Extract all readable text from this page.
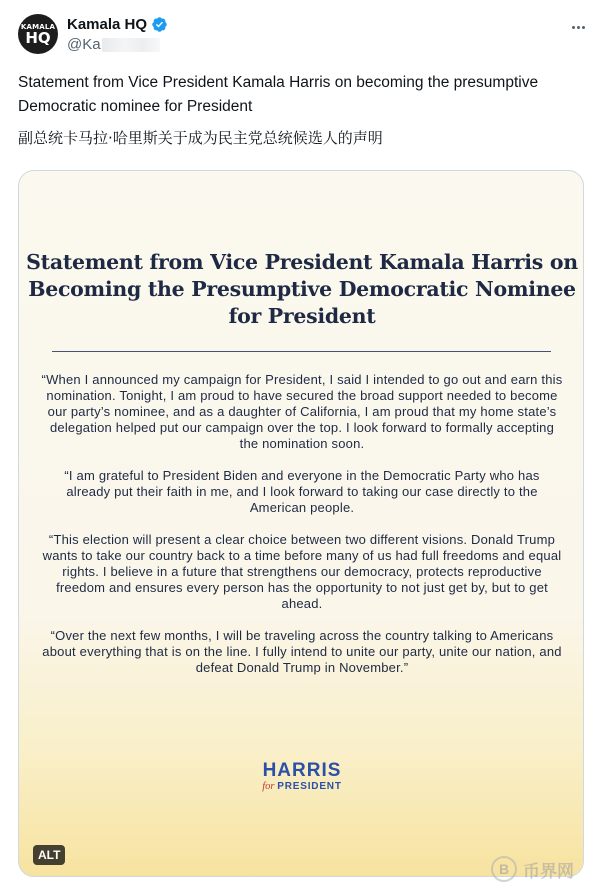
KAMALA
HQ
Kamala HQ
@Ka
Statement from Vice President Kamala Harris on becoming the presumptive Democratic nominee for President
副总统卡马拉·哈里斯关于成为民主党总统候选人的声明
Statement from Vice President Kamala Harris on Becoming the Presumptive Democratic Nominee for President

“When I announced my campaign for President, I said I intended to go out and earn this nomination. Tonight, I am proud to have secured the broad support needed to become our party’s nominee, and as a daughter of California, I am proud that my home state’s delegation helped put our campaign over the top. I look forward to formally accepting the nomination soon.

“I am grateful to President Biden and everyone in the Democratic Party who has already put their faith in me, and I look forward to taking our case directly to the American people.

“This election will present a clear choice between two different visions. Donald Trump wants to take our country back to a time before many of us had full freedoms and equal rights. I believe in a future that strengthens our democracy, protects reproductive freedom and ensures every person has the opportunity to not just get by, but to get ahead.

“Over the next few months, I will be traveling across the country talking to Americans about everything that is on the line. I fully intend to unite our party, unite our nation, and defeat Donald Trump in November.”

HARRIS
for PRESIDENT
ALT
B 币界网
